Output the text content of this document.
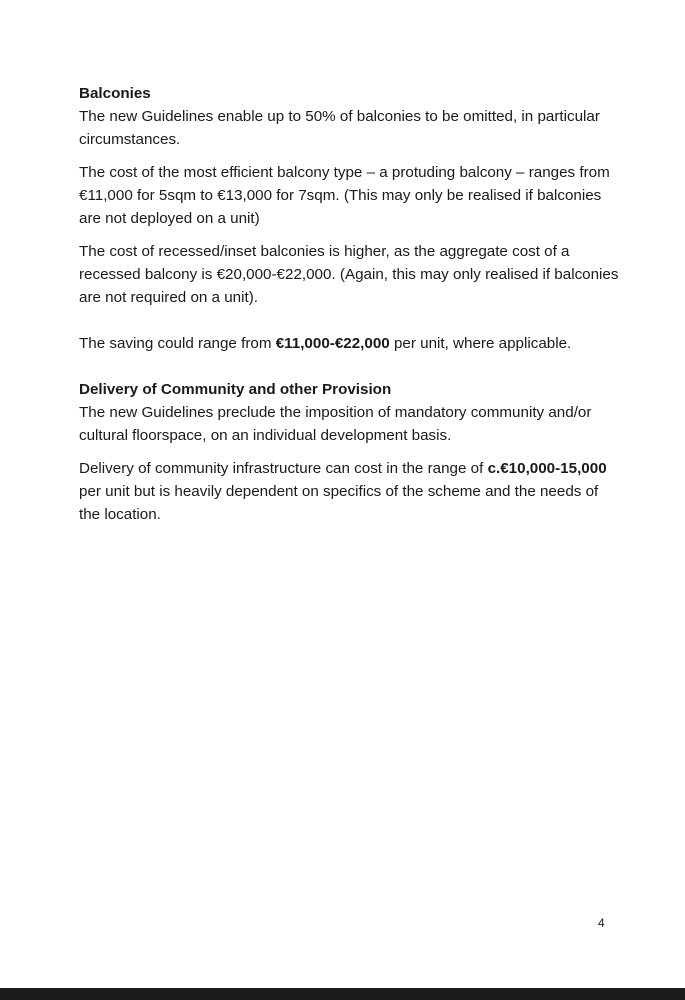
Balconies

The new Guidelines enable up to 50% of balconies to be omitted, in particular circumstances.

The cost of the most efficient balcony type – a protuding balcony – ranges from €11,000 for 5sqm to €13,000 for 7sqm. (This may only be realised if balconies are not deployed on a unit)

The cost of recessed/inset balconies is higher, as the aggregate cost of a recessed balcony is €20,000-€22,000. (Again, this may only realised if balconies are not required on a unit).

The saving could range from €11,000-€22,000 per unit, where applicable.

Delivery of Community and other Provision

The new Guidelines preclude the imposition of mandatory community and/or cultural floorspace, on an individual development basis.

Delivery of community infrastructure can cost in the range of c.€10,000-15,000 per unit but is heavily dependent on specifics of the scheme and the needs of the location.

4
